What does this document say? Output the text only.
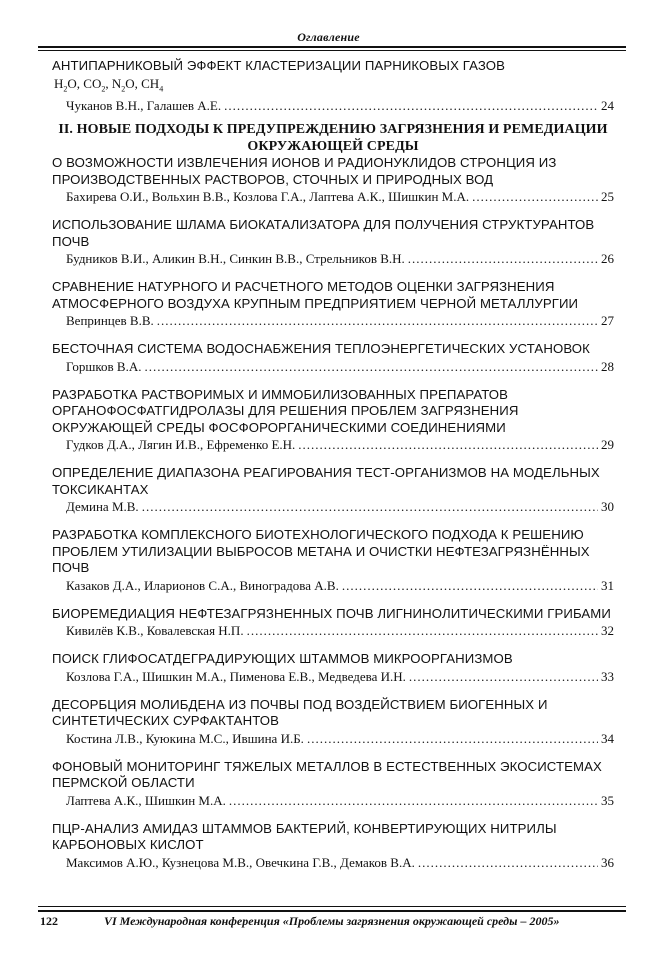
Оглавление
АНТИПАРНИКОВЫЙ ЭФФЕКТ КЛАСТЕРИЗАЦИИ ПАРНИКОВЫХ ГАЗОВ
$H_2O$, $CO_2$, $N_2O$, $CH_4$
Чуканов В.Н., Галашев А.Е. .....	24
II. НОВЫЕ ПОДХОДЫ К ПРЕДУПРЕЖДЕНИЮ ЗАГРЯЗНЕНИЯ И РЕМЕДИАЦИИ ОКРУЖАЮЩЕЙ СРЕДЫ
О ВОЗМОЖНОСТИ ИЗВЛЕЧЕНИЯ ИОНОВ И РАДИОНУКЛИДОВ СТРОНЦИЯ ИЗ ПРОИЗВОДСТВЕННЫХ РАСТВОРОВ, СТОЧНЫХ И ПРИРОДНЫХ ВОД
Бахирева О.И., Вольхин В.В., Козлова Г.А., Лаптева А.К., Шишкин М.А. .....	25
ИСПОЛЬЗОВАНИЕ ШЛАМА БИОКАТАЛИЗАТОРА ДЛЯ ПОЛУЧЕНИЯ СТРУКТУРАНТОВ ПОЧВ
Будников В.И., Аликин В.Н., Синкин В.В., Стрельников В.Н. .....	26
СРАВНЕНИЕ НАТУРНОГО И РАСЧЕТНОГО МЕТОДОВ ОЦЕНКИ ЗАГРЯЗНЕНИЯ АТМОСФЕРНОГО ВОЗДУХА КРУПНЫМ ПРЕДПРИЯТИЕМ ЧЕРНОЙ МЕТАЛЛУРГИИ
Вепринцев В.В. .....	27
БЕСТОЧНАЯ СИСТЕМА ВОДОСНАБЖЕНИЯ ТЕПЛОЭНЕРГЕТИЧЕСКИХ УСТАНОВОК
Горшков В.А. .....	28
РАЗРАБОТКА РАСТВОРИМЫХ И ИММОБИЛИЗОВАННЫХ ПРЕПАРАТОВ ОРГАНОФОСФАТГИДРОЛАЗЫ ДЛЯ РЕШЕНИЯ ПРОБЛЕМ ЗАГРЯЗНЕНИЯ ОКРУЖАЮЩЕЙ СРЕДЫ ФОСФОРОРГАНИЧЕСКИМИ СОЕДИНЕНИЯМИ
Гудков Д.А., Лягин И.В., Ефременко Е.Н. .....	29
ОПРЕДЕЛЕНИЕ ДИАПАЗОНА РЕАГИРОВАНИЯ ТЕСТ-ОРГАНИЗМОВ НА МОДЕЛЬНЫХ ТОКСИКАНТАХ
Демина М.В. .....	30
РАЗРАБОТКА КОМПЛЕКСНОГО БИОТЕХНОЛОГИЧЕСКОГО ПОДХОДА К РЕШЕНИЮ ПРОБЛЕМ УТИЛИЗАЦИИ ВЫБРОСОВ МЕТАНА И ОЧИСТКИ НЕФТЕЗАГРЯЗНЁННЫХ ПОЧВ
Казаков Д.А., Иларионов С.А., Виноградова А.В. .....	31
БИОРЕМЕДИАЦИЯ НЕФТЕЗАГРЯЗНЕННЫХ ПОЧВ ЛИГНИНОЛИТИЧЕСКИМИ ГРИБАМИ
Кивилёв К.В., Ковалевская Н.П. .....	32
ПОИСК ГЛИФОСАТДЕГРАДИРУЮЩИХ ШТАММОВ МИКРООРГАНИЗМОВ
Козлова Г.А., Шишкин М.А., Пименова Е.В., Медведева И.Н. .....	33
ДЕСОРБЦИЯ МОЛИБДЕНА ИЗ ПОЧВЫ ПОД ВОЗДЕЙСТВИЕМ БИОГЕННЫХ И СИНТЕТИЧЕСКИХ СУРФАКТАНТОВ
Костина Л.В., Куюкина М.С., Ившина И.Б. .....	34
ФОНОВЫЙ МОНИТОРИНГ ТЯЖЕЛЫХ МЕТАЛЛОВ В ЕСТЕСТВЕННЫХ ЭКОСИСТЕМАХ ПЕРМСКОЙ ОБЛАСТИ
Лаптева А.К., Шишкин М.А. .....	35
ПЦР-АНАЛИЗ АМИДАЗ ШТАММОВ БАКТЕРИЙ, КОНВЕРТИРУЮЩИХ НИТРИЛЫ КАРБОНОВЫХ КИСЛОТ
Максимов А.Ю., Кузнецова М.В., Овечкина Г.В., Демаков В.А. .....	36
122	VI Международная конференция «Проблемы загрязнения окружающей среды – 2005»
